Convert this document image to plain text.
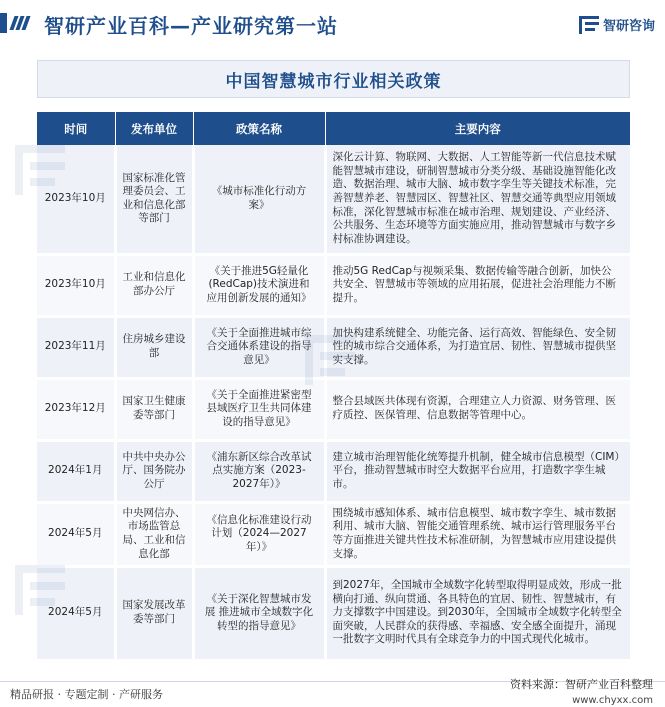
智研产业百科—产业研究第一站	智研咨询
中国智慧城市行业相关政策
时间	发布单位	政策名称	主要内容
2023年10月	国家标准化管理委员会、工业和信息化部等部门	《城市标准化行动方案》	深化云计算、物联网、大数据、人工智能等新一代信息技术赋能智慧城市建设，研制智慧城市分类分级、基础设施智能化改造、数据治理、城市大脑、城市数字孪生等关键技术标准，完善智慧养老、智慧园区、智慧社区、智慧交通等典型应用领域标准，深化智慧城市标准在城市治理、规划建设、产业经济、公共服务、生态环境等方面实施应用，推动智慧城市与数字乡村标准协调建设。
2023年10月	工业和信息化部办公厅	《关于推进5G轻量化(RedCap)技术演进和应用创新发展的通知》	推动5G RedCap与视频采集、数据传输等融合创新，加快公共安全、智慧城市等领域的应用拓展，促进社会治理能力不断提升。
2023年11月	住房城乡建设部	《关于全面推进城市综合交通体系建设的指导意见》	加快构建系统健全、功能完备、运行高效、智能绿色、安全韧性的城市综合交通体系，为打造宜居、韧性、智慧城市提供坚实支撑。
2023年12月	国家卫生健康委等部门	《关于全面推进紧密型县域医疗卫生共同体建设的指导意见》	整合县域医共体现有资源，合理建立人力资源、财务管理、医疗质控、医保管理、信息数据等管理中心。
2024年1月	中共中央办公厅、国务院办公厅	《浦东新区综合改革试点实施方案（2023-2027年）》	建立城市治理智能化统筹提升机制，健全城市信息模型（CIM）平台，推动智慧城市时空大数据平台应用，打造数字孪生城市。
2024年5月	中央网信办、市场监管总局、工业和信息化部	《信息化标准建设行动计划（2024—2027年）》	围绕城市感知体系、城市信息模型、城市数字孪生、城市数据利用、城市大脑、智能交通管理系统、城市运行管理服务平台等方面推进关键共性技术标准研制，为智慧城市应用建设提供支撑。
2024年5月	国家发展改革委等部门	《关于深化智慧城市发展 推进城市全域数字化转型的指导意见》	到2027年，全国城市全域数字化转型取得明显成效，形成一批横向打通、纵向贯通、各具特色的宜居、韧性、智慧城市，有力支撑数字中国建设。到2030年，全国城市全域数字化转型全面突破，人民群众的获得感、幸福感、安全感全面提升，涌现一批数字文明时代具有全球竞争力的中国式现代化城市。
精品研报 · 专题定制 · 产研服务
资料来源：智研产业百科整理
www.chyxx.com
